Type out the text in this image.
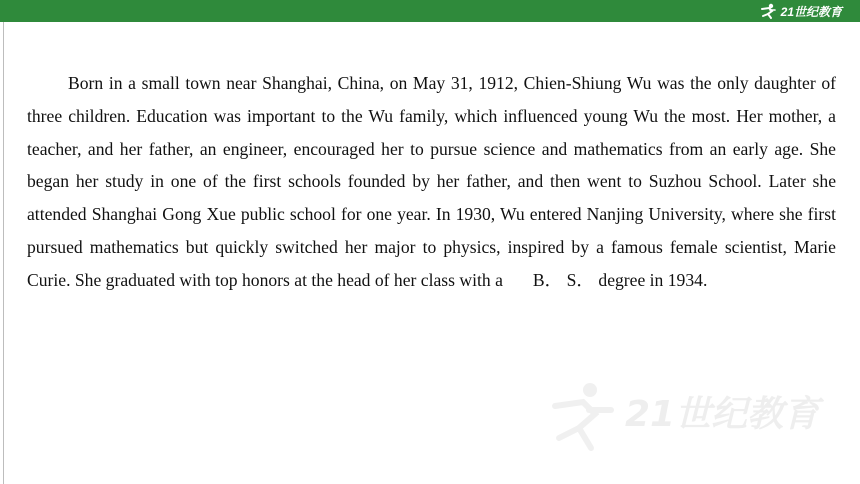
21世纪教育

Born in a small town near Shanghai, China, on May 31, 1912, Chien-Shiung Wu was the only daughter of three children. Education was important to the Wu family, which influenced young Wu the most. Her mother, a teacher, and her father, an engineer, encouraged her to pursue science and mathematics from an early age. She began her study in one of the first schools founded by her father, and then went to Suzhou School. Later she attended Shanghai Gong Xue public school for one year. In 1930, Wu entered Nanjing University, where she first pursued mathematics but quickly switched her major to physics, inspired by a famous female scientist, Marie Curie. She graduated with top honors at the head of her class with a B． S． degree in 1934.

21世纪教育
